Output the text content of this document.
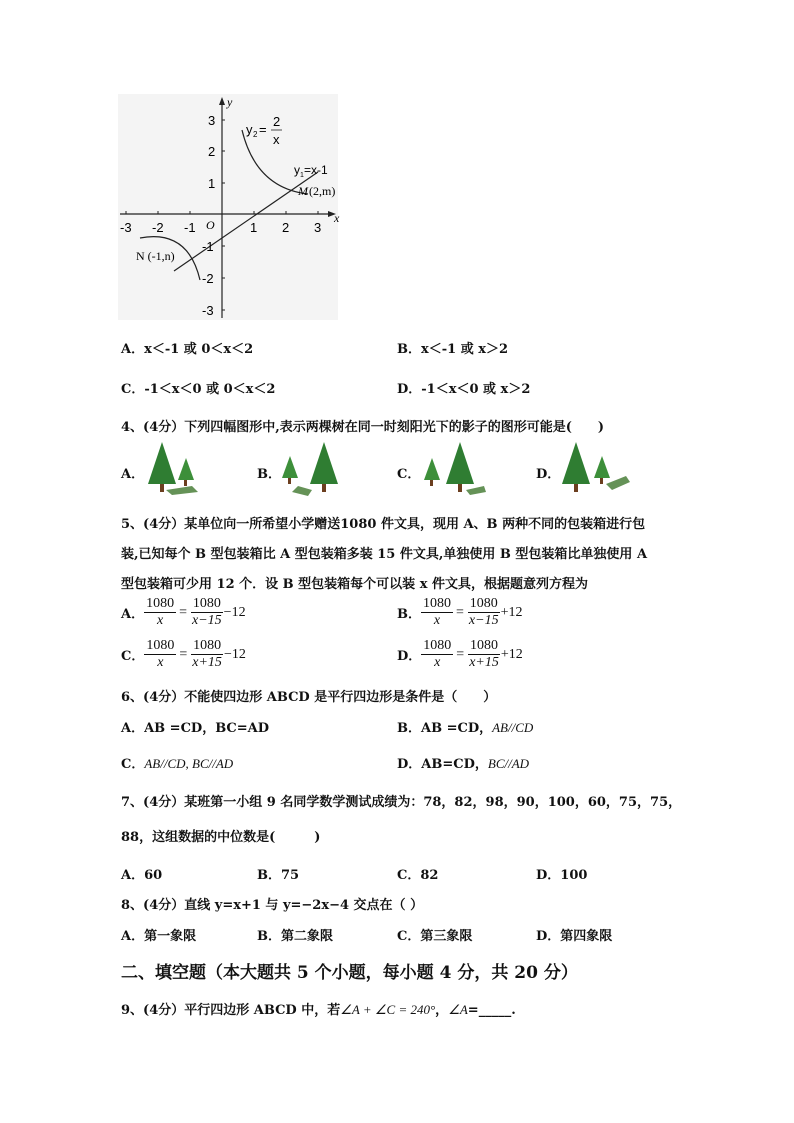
-3 -2 -1	1 2 3
3
2
1
-1
-2
-3
x
y
O
y 2 =
2
x
y 1 =x-1
M (2,m)
N (-1,n)
A．x＜-1 或 0＜x＜2	B．x＜-1 或 x＞2
C．-1＜x＜0 或 0＜x＜2	D．-1＜x＜0 或 x＞2
4、(4分）下列四幅图形中,表示两棵树在同一时刻阳光下的影子的图形可能是(　　)
A．	B．	C．	D．
5、(4分）某单位向一所希望小学赠送1080 件文具，现用 A、B 两种不同的包装箱进行包
装,已知每个 B 型包装箱比 A 型包装箱多装 15 件文具,单独使用 B 型包装箱比单独使用 A
型包装箱可少用 12 个．设 B 型包装箱每个可以装 x 件文具，根据题意列方程为
A． $\frac{1080}{x} = \frac{1080}{x-15} -12$	B． $\frac{1080}{x} = \frac{1080}{x-15} +12$
C． $\frac{1080}{x} = \frac{1080}{x+15} -12$	D． $\frac{1080}{x} = \frac{1080}{x+15} +12$
6、(4分）不能使四边形 ABCD 是平行四边形是条件是（　　）
A．AB =CD，BC=AD	B．AB =CD，AB//CD
C．AB//CD, BC//AD	D．AB=CD，BC//AD
7、(4分）某班第一小组 9 名同学数学测试成绩为：78，82，98，90，100，60，75，75，
88，这组数据的中位数是(　　　)
A．60	B．75	C．82	D．100
8、(4分）直线 y=x+1 与 y=−2x−4 交点在（ ）
A．第一象限	B．第二象限	C．第三象限	D．第四象限
二、填空题（本大题共 5 个小题，每小题 4 分，共 20 分）
9、(4分）平行四边形 ABCD 中，若∠A + ∠C = 240°，∠A=_____.
